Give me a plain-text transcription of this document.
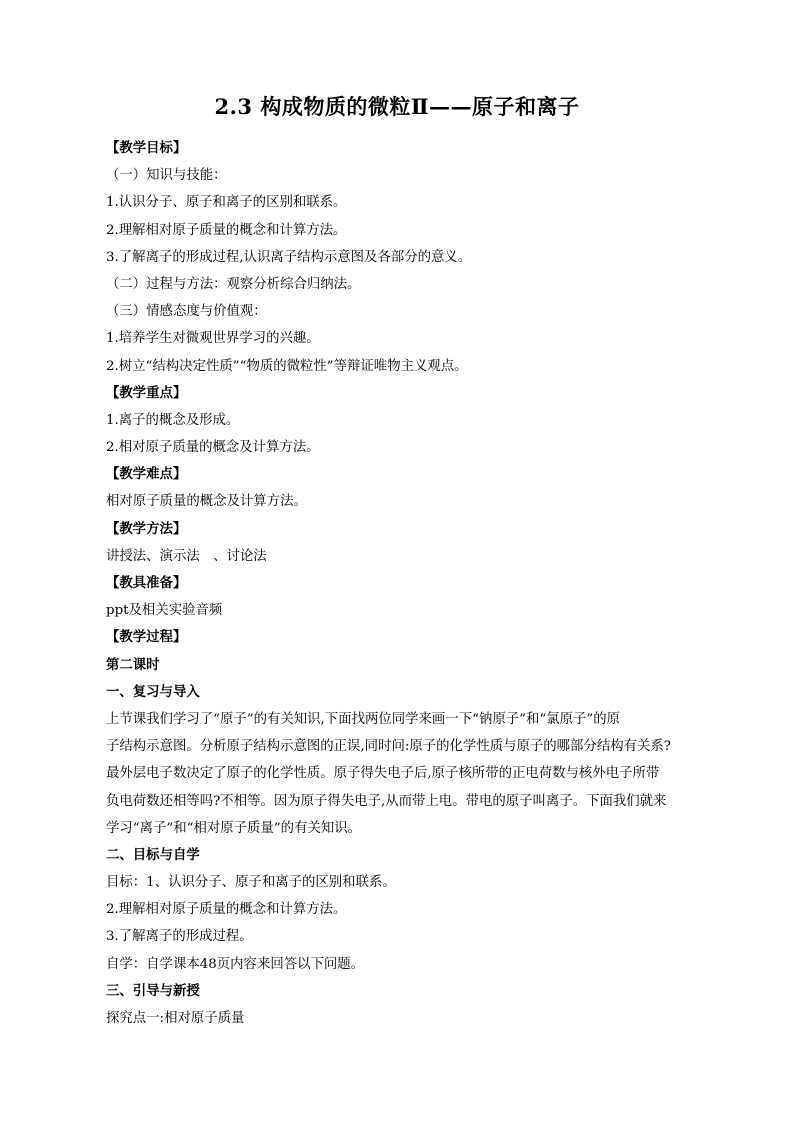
2.3 构成物质的微粒Ⅱ——原子和离子
【教学目标】
（一）知识与技能：
1.认识分子、原子和离子的区别和联系。
2.理解相对原子质量的概念和计算方法。
3.了解离子的形成过程,认识离子结构示意图及各部分的意义。
（二）过程与方法：观察分析综合归纳法。
（三）情感态度与价值观：
1.培养学生对微观世界学习的兴趣。
2.树立“结构决定性质”“物质的微粒性”等辩证唯物主义观点。
【教学重点】
1.离子的概念及形成。
2.相对原子质量的概念及计算方法。
【教学难点】
相对原子质量的概念及计算方法。
【教学方法】
讲授法、演示法　、讨论法
【教具准备】
ppt及相关实验音频
【教学过程】
第二课时
一、复习与导入
上节课我们学习了“原子”的有关知识,下面找两位同学来画一下“钠原子”和“氯原子”的原
子结构示意图。分析原子结构示意图的正误,同时问:原子的化学性质与原子的哪部分结构有关系?
最外层电子数决定了原子的化学性质。原子得失电子后,原子核所带的正电荷数与核外电子所带
负电荷数还相等吗?不相等。因为原子得失电子,从而带上电。带电的原子叫离子。下面我们就来
学习“离子”和“相对原子质量”的有关知识。
二、目标与自学
目标：1、认识分子、原子和离子的区别和联系。
2.理解相对原子质量的概念和计算方法。
3.了解离子的形成过程。
自学：自学课本48页内容来回答以下问题。
三、引导与新授
探究点一:相对原子质量
